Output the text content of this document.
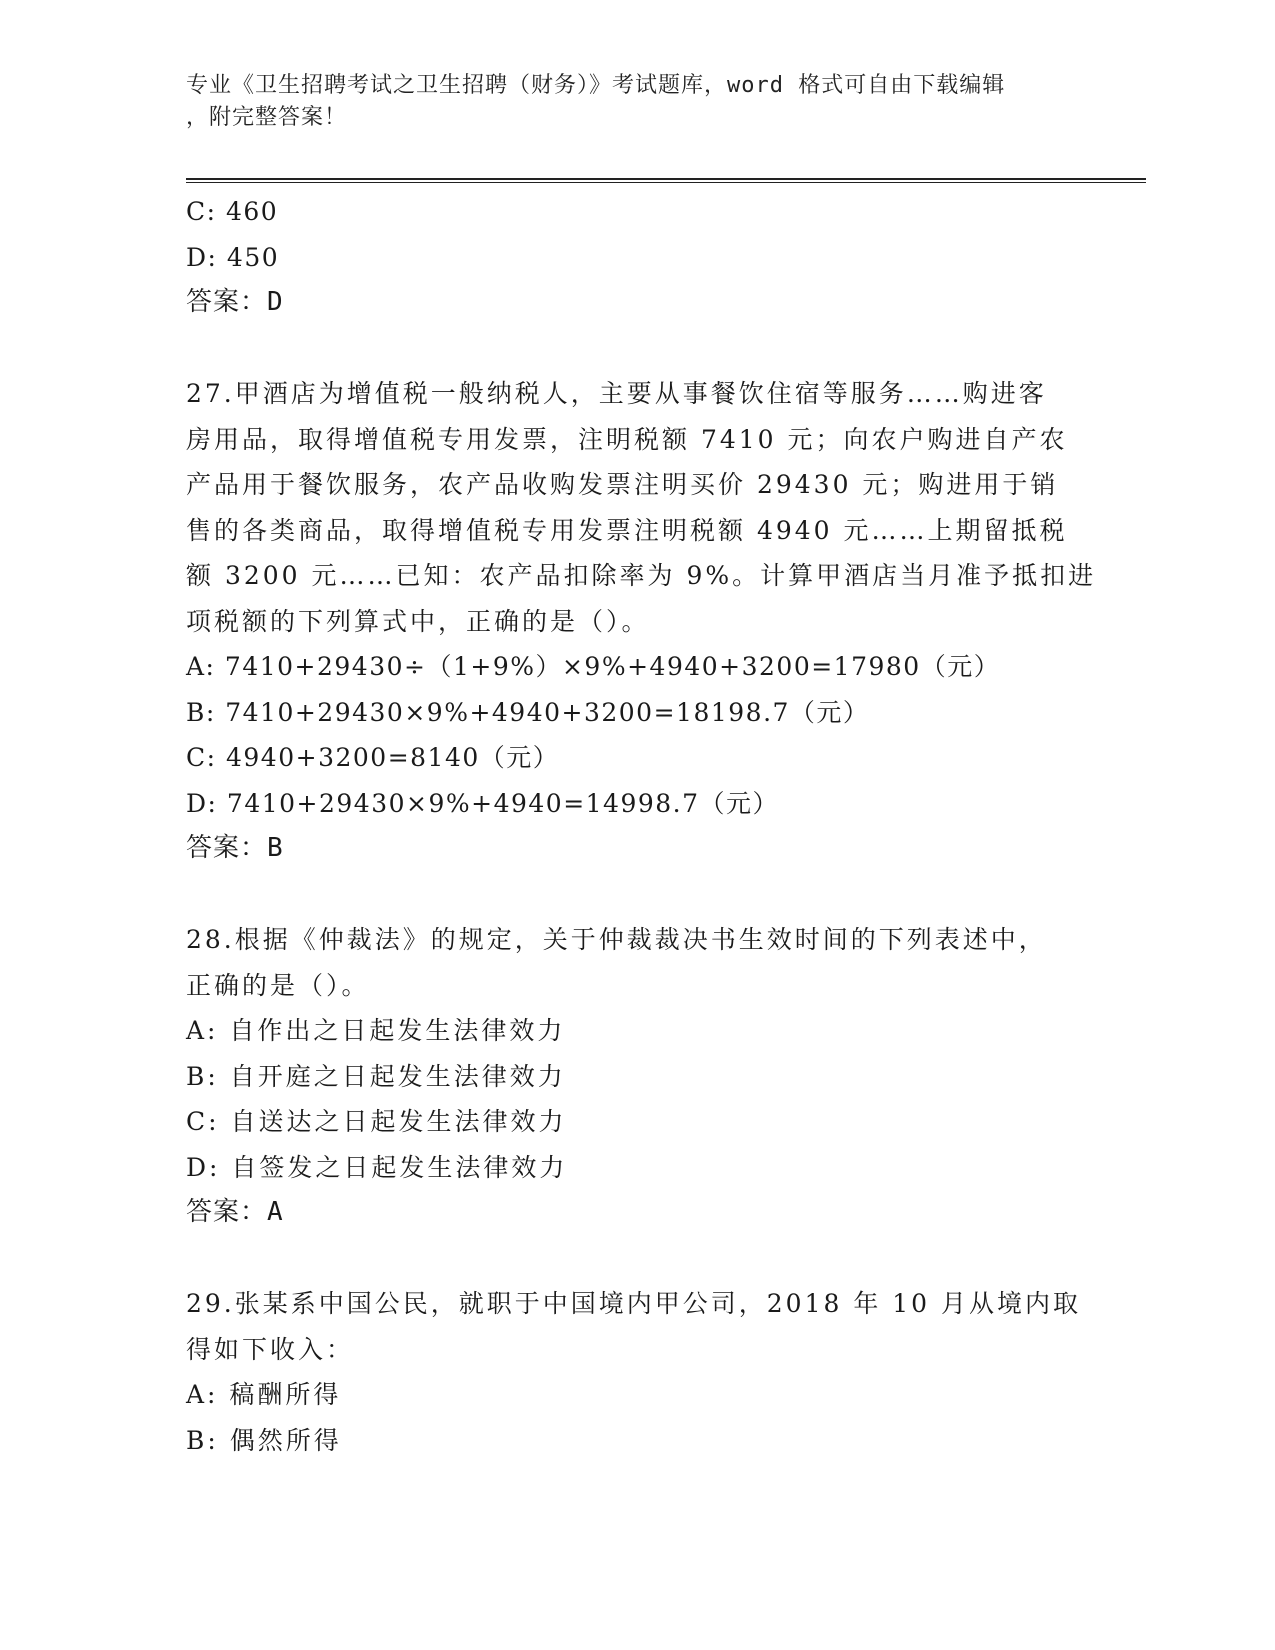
专业《卫生招聘考试之卫生招聘（财务）》考试题库，word 格式可自由下载编辑
，附完整答案！
C: 460
D: 450
答案：D
27.甲酒店为增值税一般纳税人，主要从事餐饮住宿等服务……购进客
房用品，取得增值税专用发票，注明税额 7410 元；向农户购进自产农
产品用于餐饮服务，农产品收购发票注明买价 29430 元；购进用于销
售的各类商品，取得增值税专用发票注明税额 4940 元……上期留抵税
额 3200 元……已知：农产品扣除率为 9%。计算甲酒店当月准予抵扣进
项税额的下列算式中，正确的是（）。
A: 7410+29430÷（1+9%）×9%+4940+3200=17980（元）
B: 7410+29430×9%+4940+3200=18198.7（元）
C: 4940+3200=8140（元）
D: 7410+29430×9%+4940=14998.7（元）
答案：B
28.根据《仲裁法》的规定，关于仲裁裁决书生效时间的下列表述中，
正确的是（）。
A: 自作出之日起发生法律效力
B: 自开庭之日起发生法律效力
C: 自送达之日起发生法律效力
D: 自签发之日起发生法律效力
答案：A
29.张某系中国公民，就职于中国境内甲公司，2018 年 10 月从境内取
得如下收入：
A: 稿酬所得
B: 偶然所得
